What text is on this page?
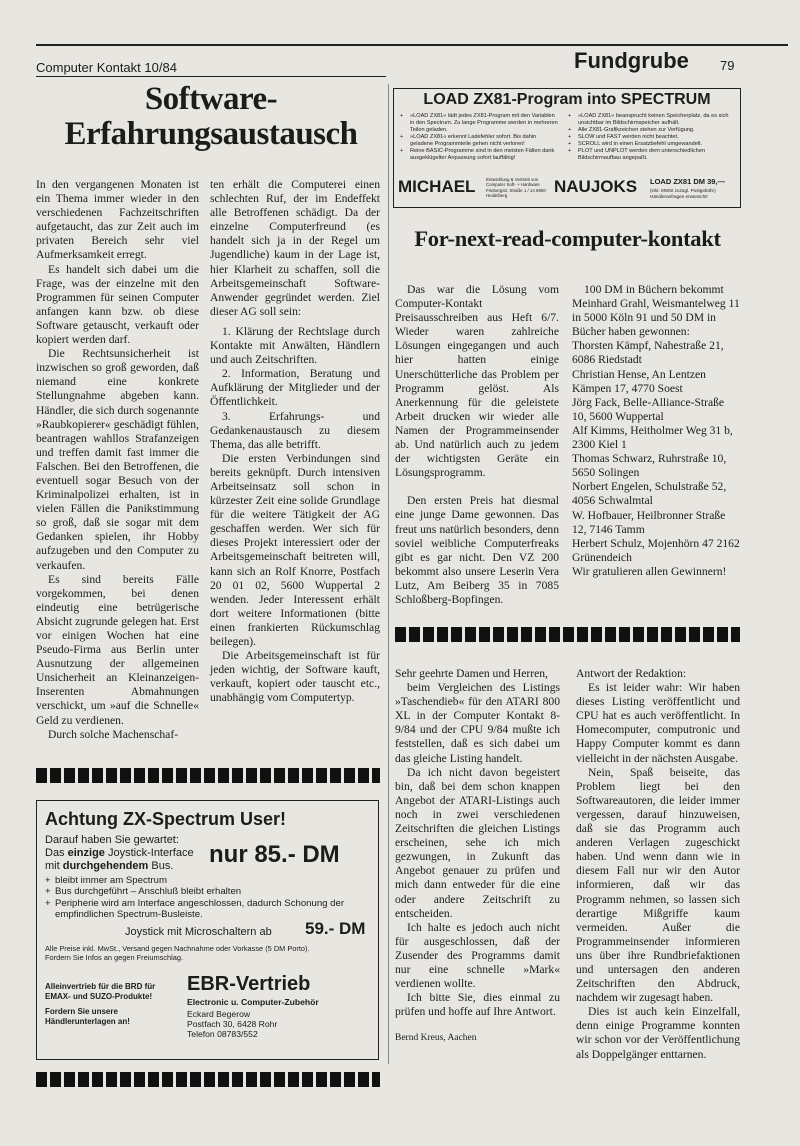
Computer Kontakt 10/84	Fundgrube 79
Software-
Erfahrungsaustausch

In den vergangenen Monaten ist ein Thema immer wieder in den verschiedenen Fachzeitschriften aufgetaucht, das zur Zeit auch im privaten Bereich sehr viel Aufmerksamkeit erregt.

Es handelt sich dabei um die Frage, was der einzelne mit den Programmen für seinen Computer anfangen kann bzw. ob diese Software getauscht, verkauft oder kopiert werden darf.

Die Rechtsunsicherheit ist inzwischen so groß geworden, daß niemand eine konkrete Stellungnahme abgeben kann. Händler, die sich durch sogenannte »Raubkopierer« geschädigt fühlen, beantragen wahllos Strafanzeigen und treffen damit fast immer die Falschen. Bei den Betroffenen, die eventuell sogar Besuch von der Kriminalpolizei erhalten, ist in vielen Fällen die Panikstimmung so groß, daß sie sogar mit dem Gedanken spielen, ihr Hobby aufzugeben und den Computer zu verkaufen.

Es sind bereits Fälle vorgekommen, bei denen eindeutig eine betrügerische Absicht zugrunde gelegen hat. Erst vor einigen Wochen hat eine Pseudo-Firma aus Berlin unter Ausnutzung der allgemeinen Unsicherheit an Kleinanzeigen-Inserenten Abmahnungen verschickt, um »auf die Schnelle« Geld zu verdienen.

Durch solche Machenschaf-

ten erhält die Computerei einen schlechten Ruf, der im Endeffekt alle Betroffenen schädigt. Da der einzelne Computerfreund (es handelt sich ja in der Regel um Jugendliche) kaum in der Lage ist, hier Klarheit zu schaffen, soll die Arbeitsgemeinschaft Software-Anwender gegründet werden. Ziel dieser AG soll sein:

1. Klärung der Rechtslage durch Kontakte mit Anwälten, Händlern und auch Zeitschriften.

2. Information, Beratung und Aufklärung der Mitglieder und der Öffentlichkeit.

3. Erfahrungs- und Gedankenaustausch zu diesem Thema, das alle betrifft.

Die ersten Verbindungen sind bereits geknüpft. Durch intensiven Arbeitseinsatz soll schon in kürzester Zeit eine solide Grundlage für die weitere Tätigkeit der AG geschaffen werden. Wer sich für dieses Projekt interessiert oder der Arbeitsgemeinschaft beitreten will, kann sich an Rolf Knorre, Postfach 20 01 02, 5600 Wuppertal 2 wenden. Jeder Interessent erhält dort weitere Informationen (bitte einen frankierten Rückumschlag beilegen).

Die Arbeitsgemeinschaft ist für jeden wichtig, der Software kauft, verkauft, kopiert oder tauscht etc., unabhängig vom Computertyp.

LOAD ZX81-Program into SPECTRUM
+	»LOAD ZX81« lädt jedes ZX81-Program mit den Variablen in den Spectrum. Zu lange Programme werden in mehreren Teilen geladen.
+	»LOAD ZX81« erkennt Ladefehler sofort. Bis dahin geladene Programmteile gehen nicht verloren!
+	Reine BASIC-Programme sind in den meisten Fällen dank ausgeklügelter Anpassung sofort lauffähig!
+	»LOAD ZX81« beansprucht keinen Speicherplatz, da es sich unsichtbar im Bildschirmspeicher aufhält.
+	Alle ZX81-Grafikzeichen stehen zur Verfügung.
+	SLOW und FAST werden nicht beachtet.
+	SCROLL wird in einen Ersatzbefehl umgewandelt.
+	PLOT und UNPLOT werden dem unterschiedlichen Bildschirmaufbau angepaßt.
MICHAEL Entwicklung & Vertrieb von Computer Soft- + Hardware Friebergstr. Straße 1 / 14 6900 Heidelberg	NAUJOKS LOAD ZX81 DM 39,—
(inkl. MWSt zuzügl. Postgebühr) Händleranfragen erwünscht!
For-next-read-computer-kontakt

Das war die Lösung vom Computer-Kontakt Preisausschreiben aus Heft 6/7. Wieder waren zahlreiche Lösungen eingegangen und auch hier hatten einige Unerschütterliche das Problem per Programm gelöst. Als Anerkennung für die geleistete Arbeit drucken wir wieder alle Namen der Programmeinsender ab. Und natürlich auch zu jedem der wichtigsten Geräte ein Lösungsprogramm.

Den ersten Preis hat diesmal eine junge Dame gewonnen. Das freut uns natürlich besonders, denn soviel weibliche Computerfreaks gibt es gar nicht. Den VZ 200 bekommt also unsere Leserin Vera Lutz, Am Beiberg 35 in 7085 Schloßberg-Bopfingen.

100 DM in Büchern bekommt Meinhard Grahl, Weismantelweg 11 in 5000 Köln 91 und 50 DM in Bücher haben gewonnen:

Thorsten Kämpf, Nahestraße 21, 6086 Riedstadt

Christian Hense, An Lentzen Kämpen 17, 4770 Soest

Jörg Fack, Belle-Alliance-Straße 10, 5600 Wuppertal

Alf Kimms, Heitholmer Weg 31 b, 2300 Kiel 1

Thomas Schwarz, Ruhrstraße 10, 5650 Solingen

Norbert Engelen, Schulstraße 52, 4056 Schwalmtal

W. Hofbauer, Heilbronner Straße 12, 7146 Tamm

Herbert Schulz, Mojenhörn 47 2162 Grünendeich

Wir gratulieren allen Gewinnern!

Sehr geehrte Damen und Herren,

beim Vergleichen des Listings »Taschendieb« für den ATARI 800 XL in der Computer Kontakt 8-9/84 und der CPU 9/84 mußte ich feststellen, daß es sich dabei um das gleiche Listing handelt.

Da ich nicht davon begeistert bin, daß bei dem schon knappen Angebot der ATARI-Listings auch noch in zwei verschiedenen Zeitschriften die gleichen Listings erscheinen, sehe ich mich gezwungen, in Zukunft das Angebot genauer zu prüfen und mich dann entweder für die eine oder andere Zeitschrift zu entscheiden.

Ich halte es jedoch auch nicht für ausgeschlossen, daß der Zusender des Programms damit nur eine schnelle »Mark« verdienen wollte.

Ich bitte Sie, dies einmal zu prüfen und hoffe auf Ihre Antwort.

Bernd Kreus, Aachen

Antwort der Redaktion:

Es ist leider wahr: Wir haben dieses Listing veröffentlicht und CPU hat es auch veröffentlicht. In Homecomputer, computronic und Happy Computer kommt es dann vielleicht in der nächsten Ausgabe.

Nein, Spaß beiseite, das Problem liegt bei den Softwareautoren, die leider immer vergessen, darauf hinzuweisen, daß sie das Programm auch anderen Verlagen zugeschickt haben. Und wenn dann wie in diesem Fall nur wir den Autor informieren, daß wir das Programm nehmen, so lassen sich derartige Mißgriffe kaum vermeiden. Außer die Programmeinsender informieren uns über ihre Rundbriefaktionen und untersagen den anderen Zeitschriften den Abdruck, nachdem wir zugesagt haben.

Dies ist auch kein Einzelfall, denn einige Programme konnten wir schon vor der Veröffentlichung als Doppelgänger enttarnen.

Achtung ZX-Spectrum User!
Darauf haben Sie gewartet:
Das einzige Joystick-Interface
mit durchgehendem Bus.	nur 85.- DM
+ bleibt immer am Spectrum
+ Bus durchgeführt – Anschluß bleibt erhalten
+ Peripherie wird am Interface angeschlossen, dadurch Schonung der empfindlichen Spectrum-Busleiste.
Joystick mit Microschaltern ab 59.- DM
Alle Preise inkl. MwSt., Versand gegen Nachnahme oder Vorkasse (5 DM Porto).
Fordern Sie Infos an gegen Freiumschlag.
Alleinvertrieb für die BRD für EMAX- und SUZO-Produkte!
Fordern Sie unsere Händlerunterlagen an!
EBR-Vertrieb
Electronic u. Computer-Zubehör
Eckard Begerow
Postfach 30, 6428 Rohr
Telefon 08783/552
